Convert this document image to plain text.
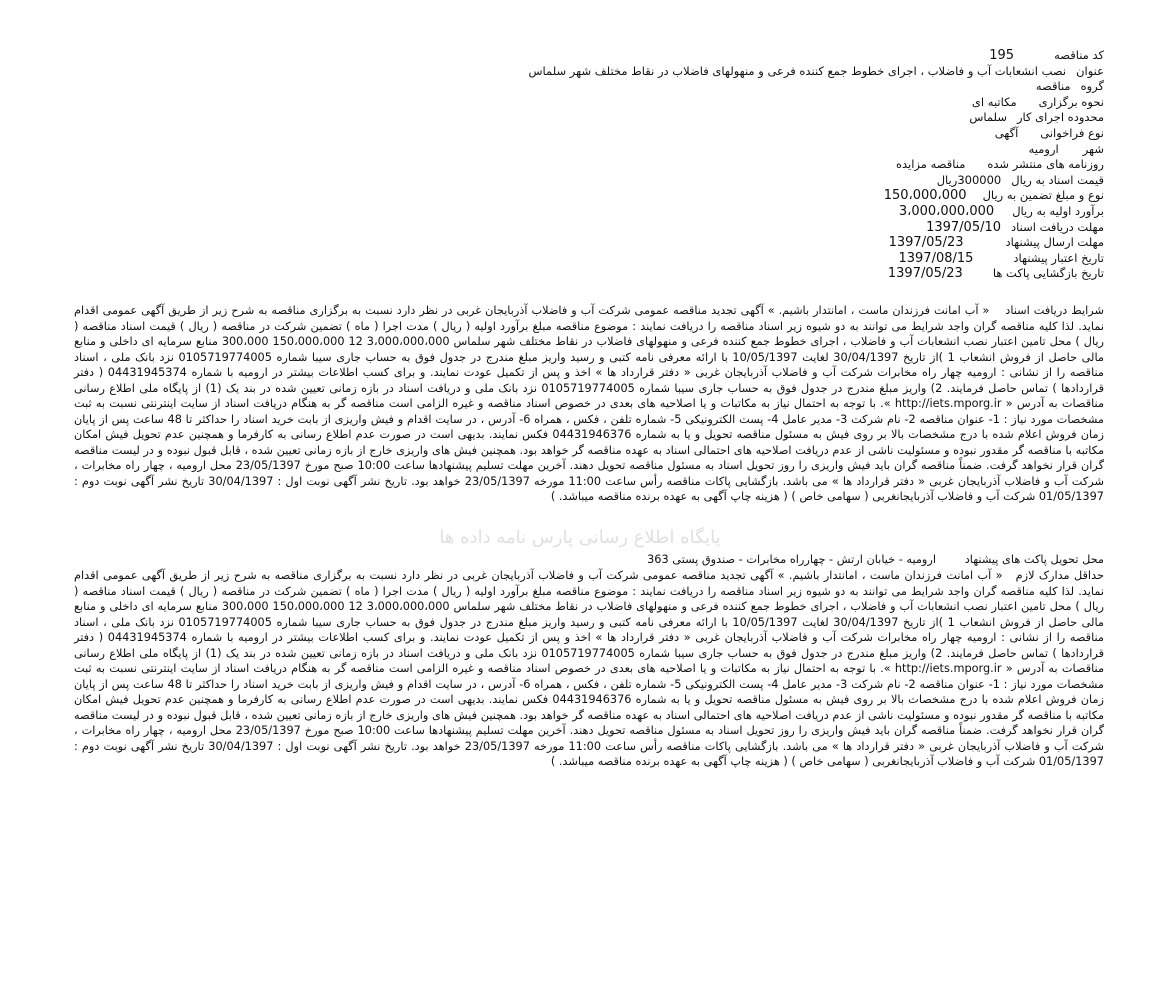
کد مناقصه195
عنواننصب انشعابات آب و فاضلاب ، اجرای خطوط جمع کننده فرعی و منهولهای فاضلاب در نقاط مختلف شهر سلماس
گروهمناقصه
نحوه برگزاریمکاتبه ای
محدوده اجرای کارسلماس
نوع فراخوانیآگهی
شهرارومیه
روزنامه های منتشر شدهمناقصه مزایده
قیمت اسناد به ریال300000ریال
نوع و مبلغ تضمین به ریال150،000،000
برآورد اولیه به ریال3،000،000،000
مهلت دریافت اسناد1397/05/10
مهلت ارسال پیشنهاد1397/05/23
تاریخ اعتبار پیشنهاد1397/08/15
تاریخ بازگشایی پاکت ها1397/05/23

شرایط دریافت اسناد    « آب امانت فرزندان ماست ، امانتدار باشیم. » آگهی تجدید مناقصه عمومی شرکت آب و فاضلاب آذربایجان غربی در نظر دارد نسبت به برگزاری مناقصه به شرح زیر از طریق آگهی عمومی اقدام نماید. لذا کلیه مناقصه گران واجد شرایط می توانند به دو شیوه زیر اسناد مناقصه را دریافت نمایند : موضوع مناقصه مبلغ برآورد اولیه ( ریال ) مدت اجرا ( ماه ) تضمین شرکت در مناقصه ( ریال ) قیمت اسناد مناقصه ( ریال ) محل تامین اعتبار نصب انشعابات آب و فاضلاب ، اجرای خطوط جمع کننده فرعی و منهولهای فاضلاب در نقاط مختلف شهر سلماس 3،000،000،000 12 150،000،000 300،000 منابع سرمایه ای داخلی و منابع مالی حاصل از فروش انشعاب 1 )از تاریخ 30/04/1397 لغایت 10/05/1397 با ارائه معرفی نامه کتبی و رسید واریز مبلغ مندرج در جدول فوق به حساب جاری سیبا شماره 0105719774005 نزد بانک ملی ، اسناد مناقصه را از نشانی : ارومیه چهار راه مخابرات شرکت آب و فاضلاب آذربایجان غربی « دفتر قرارداد ها » اخذ و پس از تکمیل عودت نمایند. و برای کسب اطلاعات بیشتر در ارومیه با شماره 04431945374 ( دفتر قراردادها ) تماس حاصل فرمایند. 2) واریز مبلغ مندرج در جدول فوق به حساب جاری سیبا شماره 0105719774005 نزد بانک ملی و دریافت اسناد در بازه زمانی تعیین شده در بند یک (1) از پایگاه ملی اطلاع رسانی مناقصات به آدرس « http://iets.mporg.ir ». با توجه به احتمال نیاز به مکاتبات و یا اصلاحیه های بعدی در خصوص اسناد مناقصه و غیره الزامی است مناقصه گر به هنگام دریافت اسناد از سایت اینترنتی نسبت به ثبت مشخصات مورد نیاز : 1- عنوان مناقصه 2- نام شرکت 3- مدیر عامل 4- پست الکترونیکی 5- شماره تلفن ، فکس ، همراه 6- آدرس ، در سایت اقدام و فیش واریزی از بابت خرید اسناد را حداکثر تا 48 ساعت پس از پایان زمان فروش اعلام شده با درج مشخصات بالا بر روی فیش به مسئول مناقصه تحویل و یا به شماره 04431946376 فکس نمایند. بدیهی است در صورت عدم اطلاع رسانی به کارفرما و همچنین عدم تحویل فیش امکان مکاتبه با مناقصه گر مقدور نبوده و مسئولیت ناشی از عدم دریافت اصلاحیه های احتمالی اسناد به عهده مناقصه گر خواهد بود. همچنین فیش های واریزی خارج از بازه زمانی تعیین شده ، قابل قبول نبوده و در لیست مناقصه گران قرار نخواهد گرفت. ضمناً مناقصه گران باید فیش واریزی را روز تحویل اسناد به مسئول مناقصه تحویل دهند. آخرین مهلت تسلیم پیشنهادها ساعت 10:00 صبح مورخ 23/05/1397 محل ارومیه ، چهار راه مخابرات ، شرکت آب و فاضلاب آذربایجان غربی « دفتر قرارداد ها » می باشد. بازگشایی پاکات مناقصه رأس ساعت 11:00 مورخه 23/05/1397 خواهد بود. تاریخ نشر آگهی نوبت اول : 30/04/1397 تاریخ نشر آگهی نوبت دوم : 01/05/1397 شرکت آب و فاضلاب آذربایجانغربی ( سهامی خاص ) ( هزینه چاپ آگهی به عهده برنده مناقصه میباشد. )

محل تحویل پاکت های پیشنهاد        ارومیه - خیابان ارتش - چهارراه مخابرات - صندوق پستی 363

حداقل مدارک لازم   « آب امانت فرزندان ماست ، امانتدار باشیم. » آگهی تجدید مناقصه عمومی شرکت آب و فاضلاب آذربایجان غربی در نظر دارد نسبت به برگزاری مناقصه به شرح زیر از طریق آگهی عمومی اقدام نماید. لذا کلیه مناقصه گران واجد شرایط می توانند به دو شیوه زیر اسناد مناقصه را دریافت نمایند : موضوع مناقصه مبلغ برآورد اولیه ( ریال ) مدت اجرا ( ماه ) تضمین شرکت در مناقصه ( ریال ) قیمت اسناد مناقصه ( ریال ) محل تامین اعتبار نصب انشعابات آب و فاضلاب ، اجرای خطوط جمع کننده فرعی و منهولهای فاضلاب در نقاط مختلف شهر سلماس 3،000،000،000 12 150،000،000 300،000 منابع سرمایه ای داخلی و منابع مالی حاصل از فروش انشعاب 1 )از تاریخ 30/04/1397 لغایت 10/05/1397 با ارائه معرفی نامه کتبی و رسید واریز مبلغ مندرج در جدول فوق به حساب جاری سیبا شماره 0105719774005 نزد بانک ملی ، اسناد مناقصه را از نشانی : ارومیه چهار راه مخابرات شرکت آب و فاضلاب آذربایجان غربی « دفتر قرارداد ها » اخذ و پس از تکمیل عودت نمایند. و برای کسب اطلاعات بیشتر در ارومیه با شماره 04431945374 ( دفتر قراردادها ) تماس حاصل فرمایند. 2) واریز مبلغ مندرج در جدول فوق به حساب جاری سیبا شماره 0105719774005 نزد بانک ملی و دریافت اسناد در بازه زمانی تعیین شده در بند یک (1) از پایگاه ملی اطلاع رسانی مناقصات به آدرس « http://iets.mporg.ir ». با توجه به احتمال نیاز به مکاتبات و یا اصلاحیه های بعدی در خصوص اسناد مناقصه و غیره الزامی است مناقصه گر به هنگام دریافت اسناد از سایت اینترنتی نسبت به ثبت مشخصات مورد نیاز : 1- عنوان مناقصه 2- نام شرکت 3- مدیر عامل 4- پست الکترونیکی 5- شماره تلفن ، فکس ، همراه 6- آدرس ، در سایت اقدام و فیش واریزی از بابت خرید اسناد را حداکثر تا 48 ساعت پس از پایان زمان فروش اعلام شده با درج مشخصات بالا بر روی فیش به مسئول مناقصه تحویل و یا به شماره 04431946376 فکس نمایند. بدیهی است در صورت عدم اطلاع رسانی به کارفرما و همچنین عدم تحویل فیش امکان مکاتبه با مناقصه گر مقدور نبوده و مسئولیت ناشی از عدم دریافت اصلاحیه های احتمالی اسناد به عهده مناقصه گر خواهد بود. همچنین فیش های واریزی خارج از بازه زمانی تعیین شده ، قابل قبول نبوده و در لیست مناقصه گران قرار نخواهد گرفت. ضمناً مناقصه گران باید فیش واریزی را روز تحویل اسناد به مسئول مناقصه تحویل دهند. آخرین مهلت تسلیم پیشنهادها ساعت 10:00 صبح مورخ 23/05/1397 محل ارومیه ، چهار راه مخابرات ، شرکت آب و فاضلاب آذربایجان غربی « دفتر قرارداد ها » می باشد. بازگشایی پاکات مناقصه رأس ساعت 11:00 مورخه 23/05/1397 خواهد بود. تاریخ نشر آگهی نوبت اول : 30/04/1397 تاریخ نشر آگهی نوبت دوم : 01/05/1397 شرکت آب و فاضلاب آذربایجانغربی ( سهامی خاص ) ( هزینه چاپ آگهی به عهده برنده مناقصه میباشد. )

پایگاه اطلاع رسانی پارس نامه داده ها
